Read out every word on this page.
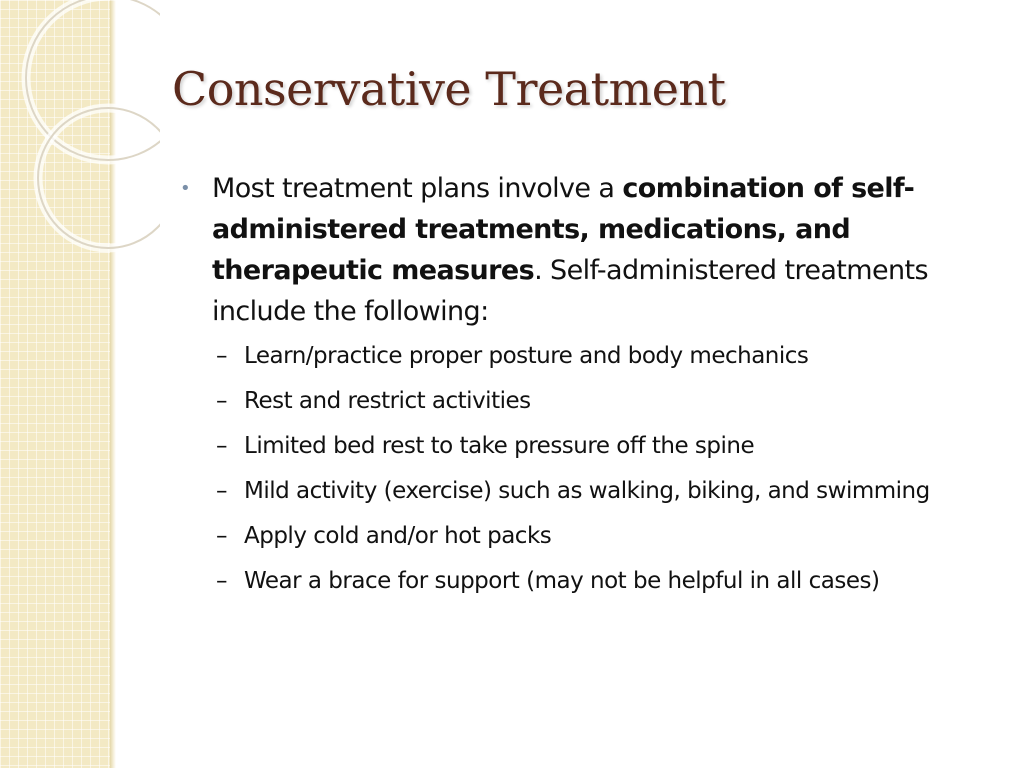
Conservative Treatment
• Most treatment plans involve a combination of self-administered treatments, medications, and therapeutic measures. Self-administered treatments include the following:
– Learn/practice proper posture and body mechanics
– Rest and restrict activities
– Limited bed rest to take pressure off the spine
– Mild activity (exercise) such as walking, biking, and swimming
– Apply cold and/or hot packs
– Wear a brace for support (may not be helpful in all cases)
